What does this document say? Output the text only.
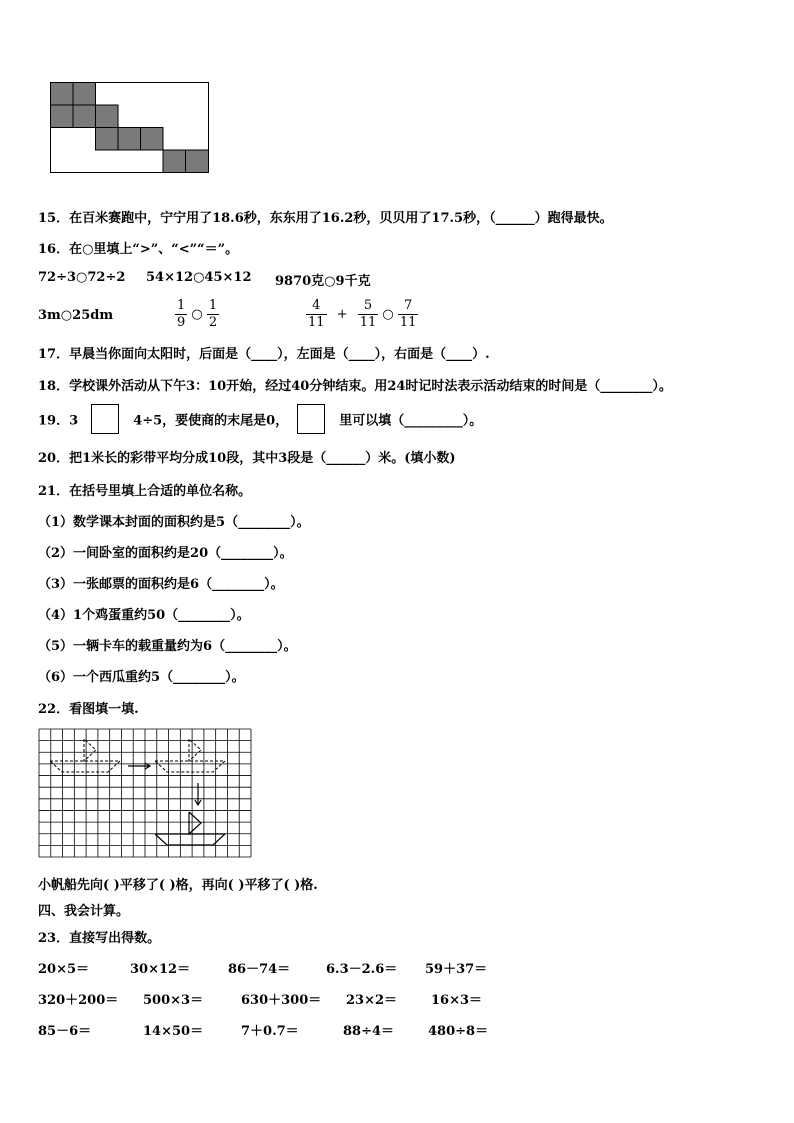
15．在百米赛跑中，宁宁用了18.6秒，东东用了16.2秒，贝贝用了17.5秒，（______）跑得最快。
16．在○里填上“>”、“<”“＝”。
72÷3○72÷2 54×12○45×12 9870克○9千克
3m○25dm	$\frac{1}{9}$ ○ $\frac{1}{2}$	$\frac{4}{11} + \frac{5}{11}$ ○ $\frac{7}{11}$
17．早晨当你面向太阳时，后面是（____），左面是（____），右面是（____）.
18．学校课外活动从下午3：10开始，经过40分钟结束。用24时记时法表示活动结束的时间是（________）。
19．3	4÷5，要使商的末尾是0，	里可以填（_________）。
20．把1米长的彩带平均分成10段，其中3段是（______）米。(填小数)
21．在括号里填上合适的单位名称。
（1）数学课本封面的面积约是5（________）。
（2）一间卧室的面积约是20（________）。
（3）一张邮票的面积约是6（________）。
（4）1个鸡蛋重约50（________）。
（5）一辆卡车的载重量约为6（________）。
（6）一个西瓜重约5（________）。
22．看图填一填.
小帆船先向( )平移了( )格，再向( )平移了( )格.
四、我会计算。
23．直接写出得数。
20×5＝	30×12＝	86－74＝	6.3－2.6＝ 59＋37＝
320＋200＝ 500×3＝	630＋300＝ 23×2＝	16×3＝
85－6＝	14×50＝	7＋0.7＝	88÷4＝	480÷8＝
